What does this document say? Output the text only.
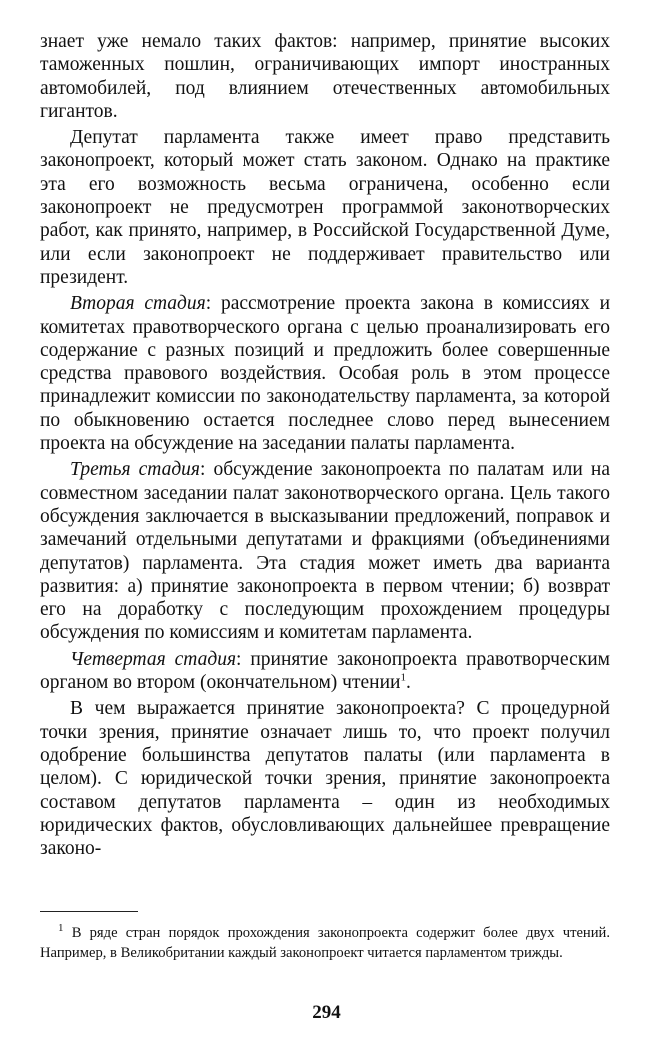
знает уже немало таких фактов: например, принятие высоких таможенных пошлин, ограничивающих импорт иностранных автомобилей, под влиянием отечественных автомобильных гигантов.

Депутат парламента также имеет право представить законопроект, который может стать законом. Однако на практике эта его возможность весьма ограничена, особенно если законопроект не предусмотрен программой законотворческих работ, как принято, например, в Российской Государственной Думе, или если законопроект не поддерживает правительство или президент.

Вторая стадия: рассмотрение проекта закона в комиссиях и комитетах правотворческого органа с целью проанализировать его содержание с разных позиций и предложить более совершенные средства правового воздействия. Особая роль в этом процессе принадлежит комиссии по законодательству парламента, за которой по обыкновению остается последнее слово перед вынесением проекта на обсуждение на заседании палаты парламента.

Третья стадия: обсуждение законопроекта по палатам или на совместном заседании палат законотворческого органа. Цель такого обсуждения заключается в высказывании предложений, поправок и замечаний отдельными депутатами и фракциями (объединениями депутатов) парламента. Эта стадия может иметь два варианта развития: а) принятие законопроекта в первом чтении; б) возврат его на доработку с последующим прохождением процедуры обсуждения по комиссиям и комитетам парламента.

Четвертая стадия: принятие законопроекта правотворческим органом во втором (окончательном) чтении$^1$.

В чем выражается принятие законопроекта? С процедурной точки зрения, принятие означает лишь то, что проект получил одобрение большинства депутатов палаты (или парламента в целом). С юридической точки зрения, принятие законопроекта составом депутатов парламента – один из необходимых юридических фактов, обусловливающих дальнейшее превращение законо-

$^1$ В ряде стран порядок прохождения законопроекта содержит более двух чтений. Например, в Великобритании каждый законопроект читается парламентом трижды.

294
